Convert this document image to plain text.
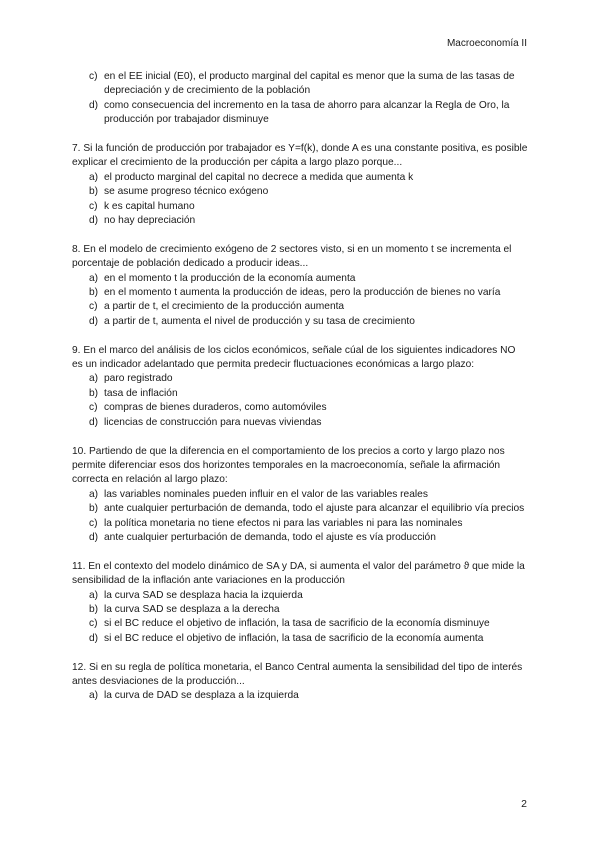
Macroeconomía II
c) en el EE inicial (E0), el producto marginal del capital es menor que la suma de las tasas de depreciación y de crecimiento de la población
d) como consecuencia del incremento en la tasa de ahorro para alcanzar la Regla de Oro, la producción por trabajador disminuye

7. Si la función de producción por trabajador es Y=f(k), donde A es una constante positiva, es posible explicar el crecimiento de la producción per cápita a largo plazo porque...

a) el producto marginal del capital no decrece a medida que aumenta k
b) se asume progreso técnico exógeno
c) k es capital humano
d) no hay depreciación

8. En el modelo de crecimiento exógeno de 2 sectores visto, si en un momento t se incrementa el porcentaje de población dedicado a producir ideas...

a) en el momento t la producción de la economía aumenta
b) en el momento t aumenta la producción de ideas, pero la producción de bienes no varía
c) a partir de t, el crecimiento de la producción aumenta
d) a partir de t, aumenta el nivel de producción y su tasa de crecimiento

9. En el marco del análisis de los ciclos económicos, señale cúal de los siguientes indicadores NO es un indicador adelantado que permita predecir fluctuaciones económicas a largo plazo:

a) paro registrado
b) tasa de inflación
c) compras de bienes duraderos, como automóviles
d) licencias de construcción para nuevas viviendas

10. Partiendo de que la diferencia en el comportamiento de los precios a corto y largo plazo nos permite diferenciar esos dos horizontes temporales en la macroeconomía, señale la afirmación correcta en relación al largo plazo:

a) las variables nominales pueden influir en el valor de las variables reales
b) ante cualquier perturbación de demanda, todo el ajuste para alcanzar el equilibrio vía precios
c) la política monetaria no tiene efectos ni para las variables ni para las nominales
d) ante cualquier perturbación de demanda, todo el ajuste es vía producción

11. En el contexto del modelo dinámico de SA y DA, si aumenta el valor del parámetro ϑ que mide la sensibilidad de la inflación ante variaciones en la producción

a) la curva SAD se desplaza hacia la izquierda
b) la curva SAD se desplaza a la derecha
c) si el BC reduce el objetivo de inflación, la tasa de sacrificio de la economía disminuye
d) si el BC reduce el objetivo de inflación, la tasa de sacrificio de la economía aumenta

12. Si en su regla de política monetaria, el Banco Central aumenta la sensibilidad del tipo de interés antes desviaciones de la producción...

a) la curva de DAD se desplaza a la izquierda
2
